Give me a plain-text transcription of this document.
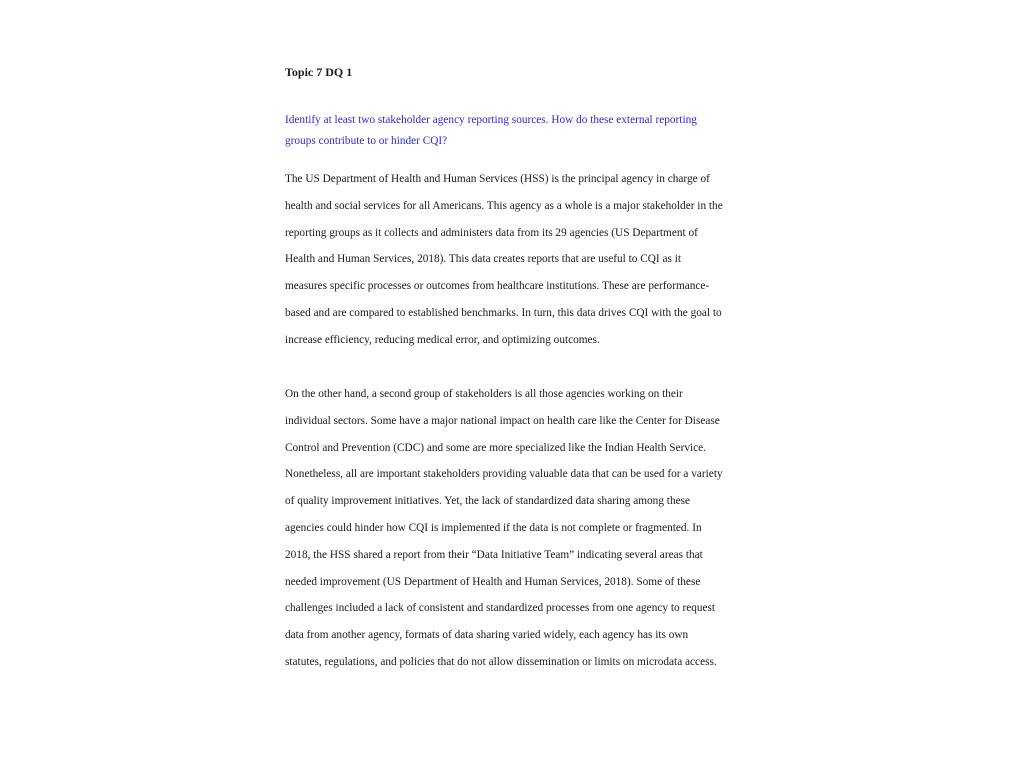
Topic 7 DQ 1

Identify at least two stakeholder agency reporting sources. How do these external reporting
groups contribute to or hinder CQI?

The US Department of Health and Human Services (HSS) is the principal agency in charge of
health and social services for all Americans. This agency as a whole is a major stakeholder in the
reporting groups as it collects and administers data from its 29 agencies (US Department of
Health and Human Services, 2018). This data creates reports that are useful to CQI as it
measures specific processes or outcomes from healthcare institutions. These are performance-
based and are compared to established benchmarks. In turn, this data drives CQI with the goal to
increase efficiency, reducing medical error, and optimizing outcomes.

On the other hand, a second group of stakeholders is all those agencies working on their
individual sectors. Some have a major national impact on health care like the Center for Disease
Control and Prevention (CDC) and some are more specialized like the Indian Health Service.
Nonetheless, all are important stakeholders providing valuable data that can be used for a variety
of quality improvement initiatives. Yet, the lack of standardized data sharing among these
agencies could hinder how CQI is implemented if the data is not complete or fragmented. In
2018, the HSS shared a report from their “Data Initiative Team” indicating several areas that
needed improvement (US Department of Health and Human Services, 2018). Some of these
challenges included a lack of consistent and standardized processes from one agency to request
data from another agency, formats of data sharing varied widely, each agency has its own
statutes, regulations, and policies that do not allow dissemination or limits on microdata access.
